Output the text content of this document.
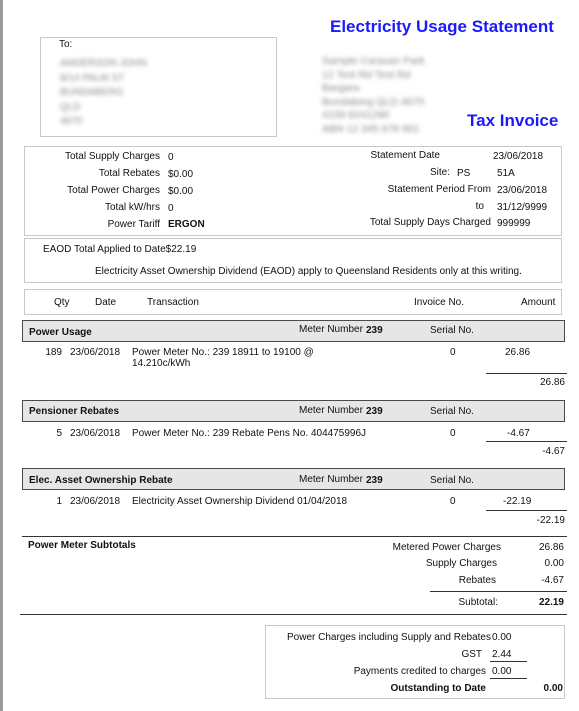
Electricity Usage Statement
Tax Invoice
To:
ANDERSON JOHN
8/14 PALM ST
BUNDABERG
QLD
4670
Sample Caravan Park
12 Test Rd Test Rd
Bargara
Bundaberg QLD 4670
4159 8241290
ABN 12 345 678 901
Total Supply Charges 0
Total Rebates $0.00
Total Power Charges $0.00
Total kW/hrs 0
Power Tariff ERGON
Statement Date	23/06/2018
Site: PS	51A
Statement Period From 23/06/2018
to 31/12/9999
Total Supply Days Charged 999999
EAOD Total Applied to Date$22.19
Electricity Asset Ownership Dividend (EAOD) apply to Queensland Residents only at this writing.
Qty	Date	Transaction	Invoice No.	Amount
Power Usage	Meter Number 239	Serial No.
189 23/06/2018 Power Meter No.: 239 18911 to 19100 @
14.210c/kWh
0	26.86
26.86
Pensioner Rebates	Meter Number 239	Serial No.
5 23/06/2018 Power Meter No.: 239 Rebate Pens No. 404475996J	0	-4.67
-4.67
Elec. Asset Ownership Rebate	Meter Number 239	Serial No.
1 23/06/2018 Electricity Asset Ownership Dividend 01/04/2018	0	-22.19
-22.19
Power Meter Subtotals	Metered Power Charges	26.86
Supply Charges	0.00
Rebates	-4.67
Subtotal:	22.19
Power Charges including Supply and Rebates 0.00
GST 2.44
Payments credited to charges 0.00
Outstanding to Date	0.00
